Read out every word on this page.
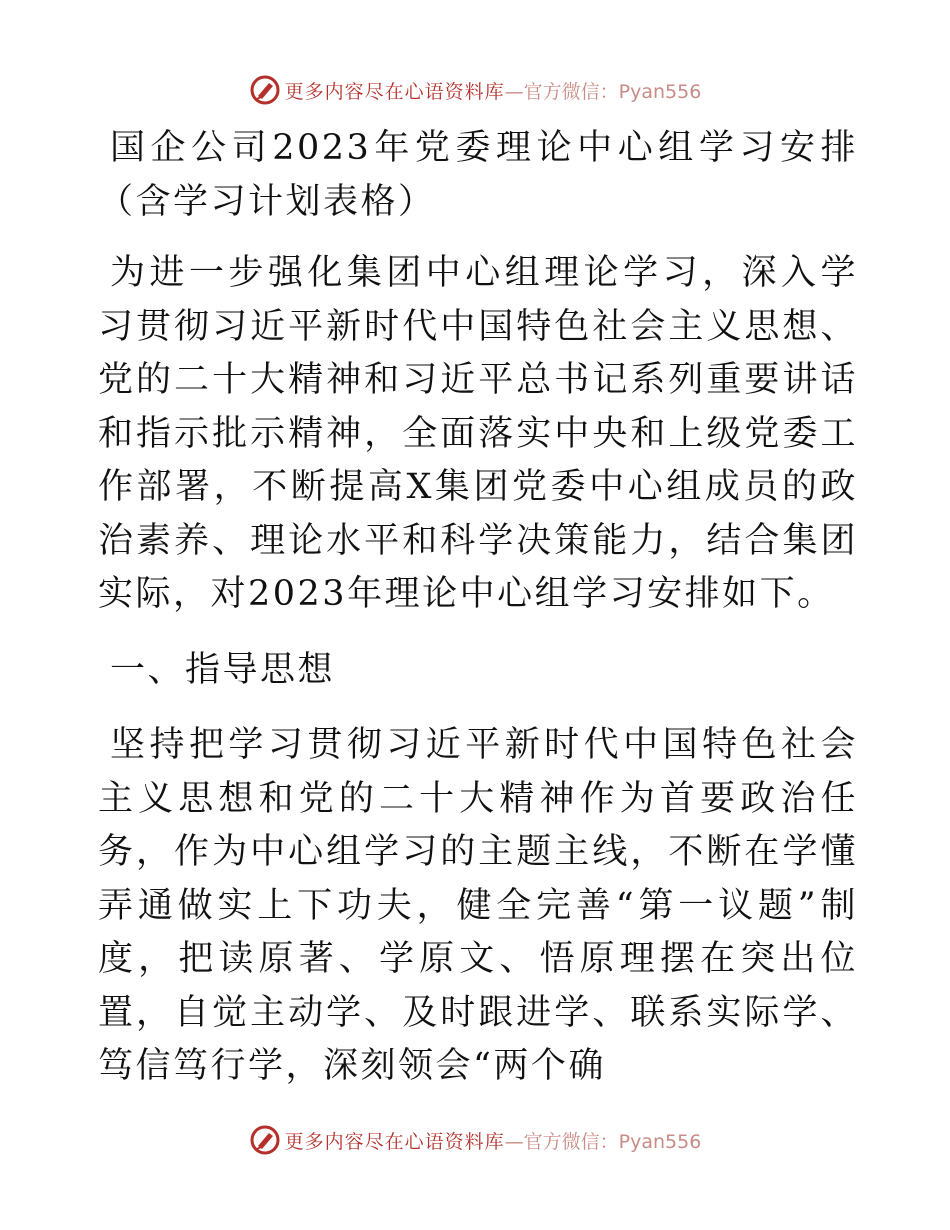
更多内容尽在心语资料库 —官方微信：Pyan556

国企公司2023年党委理论中心组学习安排（含学习计划表格）

为进一步强化集团中心组理论学习，深入学习贯彻习近平新时代中国特色社会主义思想、党的二十大精神和习近平总书记系列重要讲话和指示批示精神，全面落实中央和上级党委工作部署，不断提高X集团党委中心组成员的政治素养、理论水平和科学决策能力，结合集团实际，对2023年理论中心组学习安排如下。

一、指导思想

坚持把学习贯彻习近平新时代中国特色社会主义思想和党的二十大精神作为首要政治任务，作为中心组学习的主题主线，不断在学懂弄通做实上下功夫，健全完善“第一议题”制度，把读原著、学原文、悟原理摆在突出位置，自觉主动学、及时跟进学、联系实际学、笃信笃行学，深刻领会“两个确

更多内容尽在心语资料库 —官方微信：Pyan556
